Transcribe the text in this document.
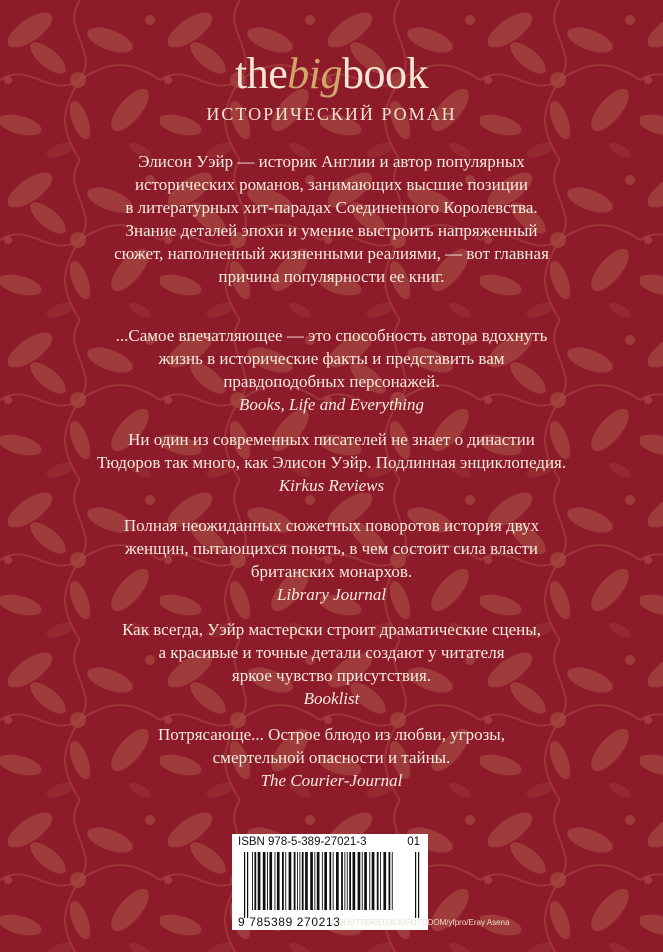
thebigbook
ИСТОРИЧЕСКИЙ РОМАН
Элисон Уэйр — историк Англии и автор популярных
исторических романов, занимающих высшие позиции
в литературных хит-парадах Соединенного Королевства.
Знание деталей эпохи и умение выстроить напряженный
сюжет, наполненный жизненными реалиями, — вот главная
причина популярности ее книг.
...Самое впечатляющее — это способность автора вдохнуть
жизнь в исторические факты и представить вам
правдоподобных персонажей.
Books, Life and Everything
Ни один из современных писателей не знает о династии
Тюдоров так много, как Элисон Уэйр. Подлинная энциклопедия.
Kirkus Reviews
Полная неожиданных сюжетных поворотов история двух
женщин, пытающихся понять, в чем состоит сила власти
британских монархов.
Library Journal
Как всегда, Уэйр мастерски строит драматические сцены,
а красивые и точные детали создают у читателя
яркое чувство присутствия.
Booklist
Потрясающе... Острое блюдо из любви, угрозы,
смертельной опасности и тайны.
The Courier-Journal
ISBN 978-5-389-27021-3	01
9 785389 270213
© SHUTTERSTOCK/FOTODOM/yfpro/Eray Asena
